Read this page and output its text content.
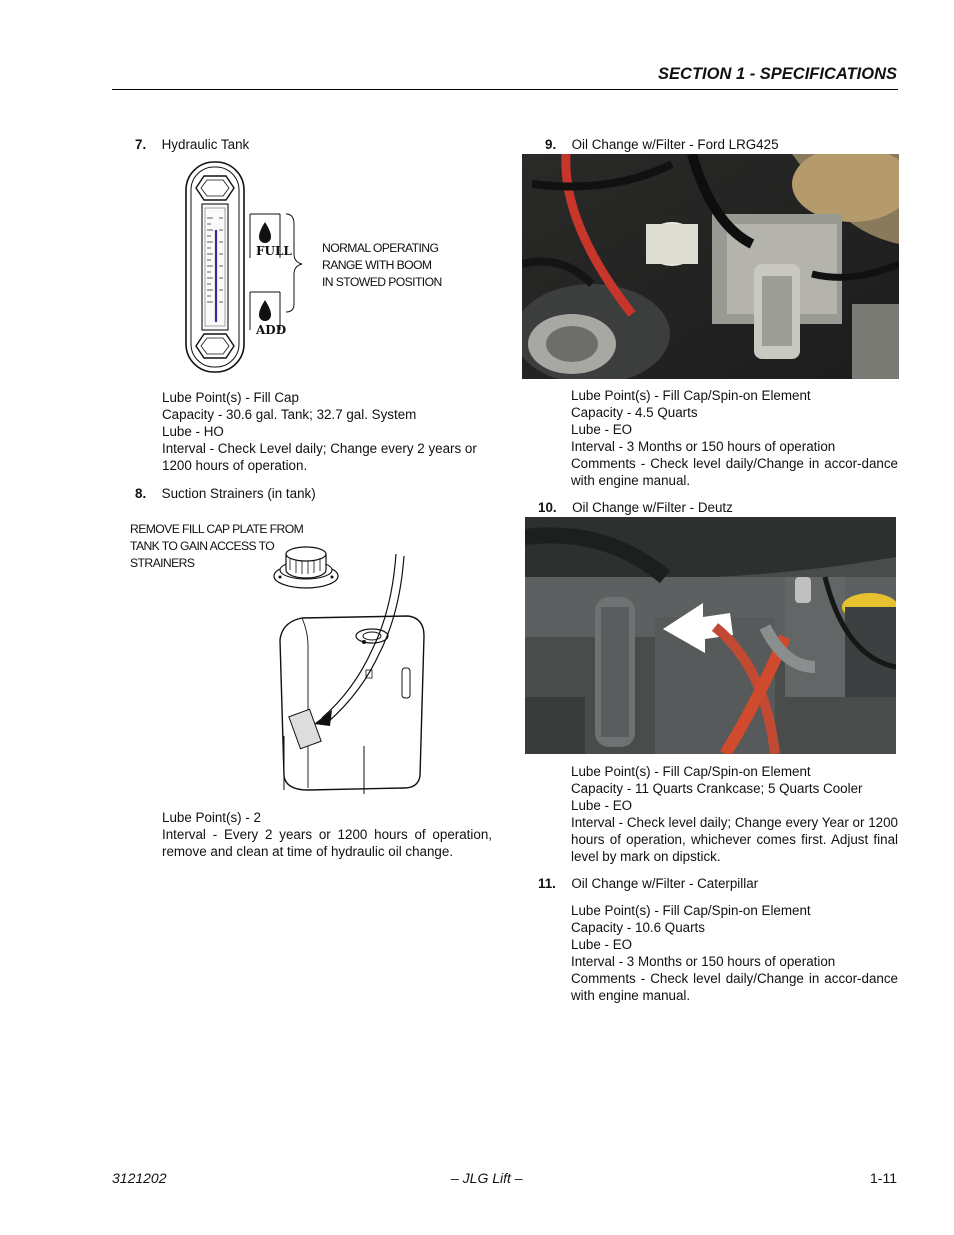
SECTION 1 - SPECIFICATIONS
7. Hydraulic Tank
FULL
ADD
NORMAL OPERATING
RANGE WITH BOOM
IN STOWED POSITION
Lube Point(s) - Fill Cap
Capacity - 30.6 gal. Tank; 32.7 gal. System
Lube - HO
Interval - Check Level daily; Change every 2 years or
1200 hours of operation.
8. Suction Strainers (in tank)
REMOVE FILL CAP PLATE FROM
TANK TO GAIN ACCESS TO
STRAINERS
Lube Point(s) - 2
Interval - Every 2 years or 1200 hours of operation, remove and clean at time of hydraulic oil change.
9. Oil Change w/Filter - Ford LRG425
Lube Point(s) - Fill Cap/Spin-on Element
Capacity - 4.5 Quarts
Lube - EO
Interval - 3 Months or 150 hours of operation
Comments - Check level daily/Change in accor-dance with engine manual.
10. Oil Change w/Filter - Deutz
Lube Point(s) - Fill Cap/Spin-on Element
Capacity - 11 Quarts Crankcase; 5 Quarts Cooler
Lube - EO
Interval - Check level daily; Change every Year or 1200 hours of operation, whichever comes first. Adjust final level by mark on dipstick.
11. Oil Change w/Filter - Caterpillar
Lube Point(s) - Fill Cap/Spin-on Element
Capacity - 10.6 Quarts
Lube - EO
Interval - 3 Months or 150 hours of operation
Comments - Check level daily/Change in accor-dance with engine manual.
3121202	– JLG Lift –	1-11
